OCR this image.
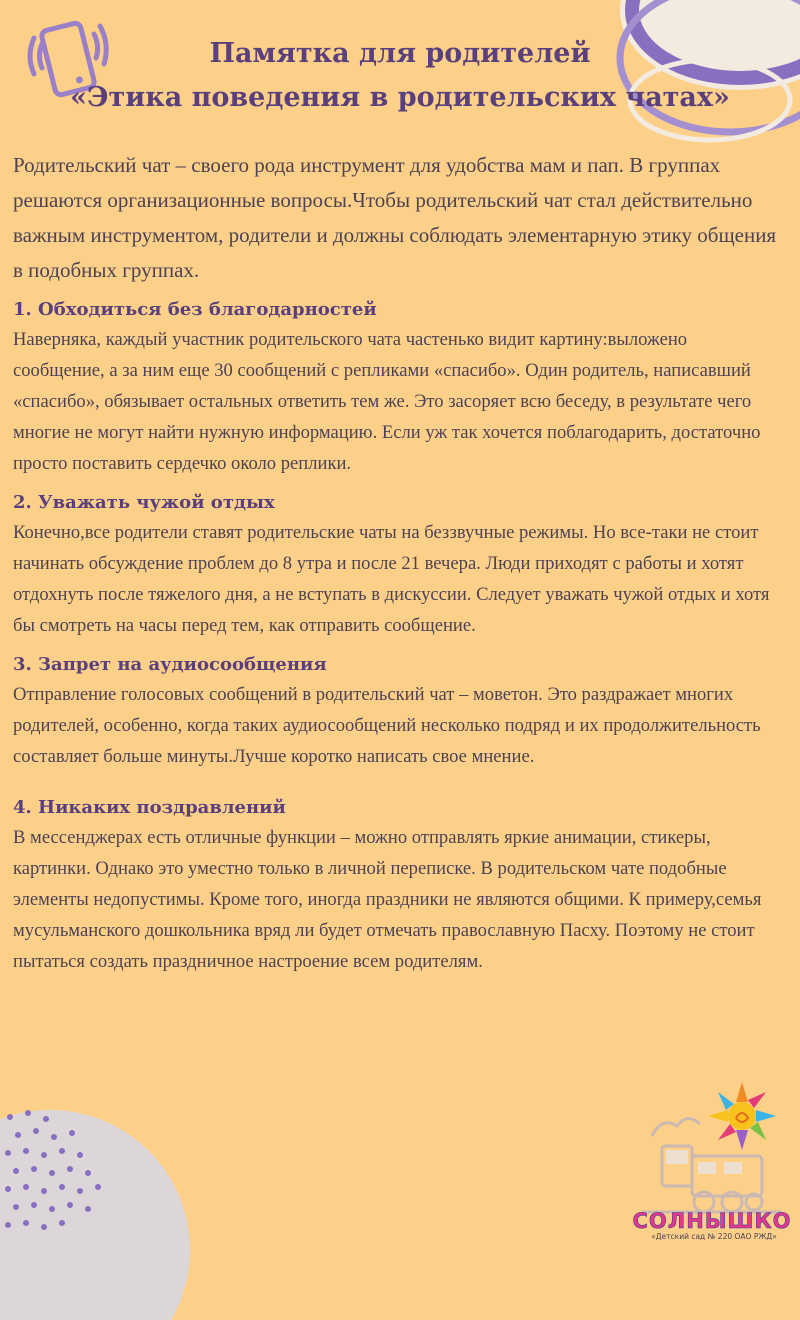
Памятка для родителей
«Этика поведения в родительских чатах»

Родительский чат – своего рода инструмент для удобства мам и пап. В группах решаются организационные вопросы.Чтобы родительский чат стал действительно важным инструментом, родители и должны соблюдать элементарную этику общения в подобных группах.

1. Обходиться без благодарностей

Наверняка, каждый участник родительского чата частенько видит картину:выложено сообщение, а за ним еще 30 сообщений с репликами «спасибо». Один родитель, написавший «спасибо», обязывает остальных ответить тем же. Это засоряет всю беседу, в результате чего многие не могут найти нужную информацию. Если уж так хочется поблагодарить, достаточно просто поставить сердечко около реплики.

2. Уважать чужой отдых

Конечно,все родители ставят родительские чаты на беззвучные режимы. Но все-таки не стоит начинать обсуждение проблем до 8 утра и после 21 вечера. Люди приходят с работы и хотят отдохнуть после тяжелого дня, а не вступать в дискуссии. Следует уважать чужой отдых и хотя бы смотреть на часы перед тем, как отправить сообщение.

3. Запрет на аудиосообщения

Отправление голосовых сообщений в родительский чат – моветон. Это раздражает многих родителей, особенно, когда таких аудиосообщений несколько подряд и их продолжительность составляет больше минуты.Лучше коротко написать свое мнение.

4. Никаких поздравлений

В мессенджерах есть отличные функции – можно отправлять яркие анимации, стикеры, картинки. Однако это уместно только в личной переписке. В родительском чате подобные элементы недопустимы. Кроме того, иногда праздники не являются общими. К примеру,семья мусульманского дошкольника вряд ли будет отмечать православную Пасху. Поэтому не стоит пытаться создать праздничное настроение всем родителям.

СОЛНЫШКО
«Детский сад № 220 ОАО РЖД»
